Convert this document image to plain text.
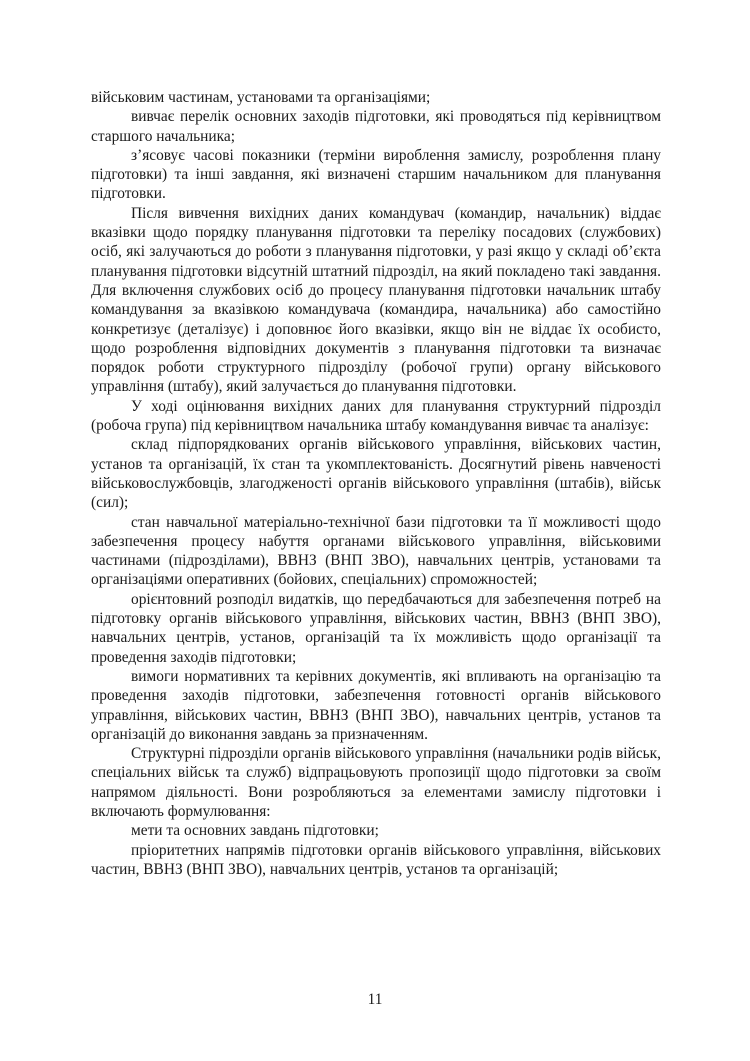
військовим частинам, установами та організаціями;

вивчає перелік основних заходів підготовки, які проводяться під керівництвом старшого начальника;

з’ясовує часові показники (терміни вироблення замислу, розроблення плану підготовки) та інші завдання, які визначені старшим начальником для планування підготовки.

Після вивчення вихідних даних командувач (командир, начальник) віддає вказівки щодо порядку планування підготовки та переліку посадових (службових) осіб, які залучаються до роботи з планування підготовки, у разі якщо у складі об’єкта планування підготовки відсутній штатний підрозділ, на який покладено такі завдання. Для включення службових осіб до процесу планування підготовки начальник штабу командування за вказівкою командувача (командира, начальника) або самостійно конкретизує (деталізує) і доповнює його вказівки, якщо він не віддає їх особисто, щодо розроблення відповідних документів з планування підготовки та визначає порядок роботи структурного підрозділу (робочої групи) органу військового управління (штабу), який залучається до планування підготовки.

У ході оцінювання вихідних даних для планування структурний підрозділ (робоча група) під керівництвом начальника штабу командування вивчає та аналізує:

склад підпорядкованих органів військового управління, військових частин, установ та організацій, їх стан та укомплектованість. Досягнутий рівень навченості військовослужбовців, злагодженості органів військового управління (штабів), військ (сил);

стан навчальної матеріально-технічної бази підготовки та її можливості щодо забезпечення процесу набуття органами військового управління, військовими частинами (підрозділами), ВВНЗ (ВНП ЗВО), навчальних центрів, установами та організаціями оперативних (бойових, спеціальних) спроможностей;

орієнтовний розподіл видатків, що передбачаються для забезпечення потреб на підготовку органів військового управління, військових частин, ВВНЗ (ВНП ЗВО), навчальних центрів, установ, організацій та їх можливість щодо організації та проведення заходів підготовки;

вимоги нормативних та керівних документів, які впливають на організацію та проведення заходів підготовки, забезпечення готовності органів військового управління, військових частин, ВВНЗ (ВНП ЗВО), навчальних центрів, установ та організацій до виконання завдань за призначенням.

Структурні підрозділи органів військового управління (начальники родів військ, спеціальних військ та служб) відпрацьовують пропозиції щодо підготовки за своїм напрямом діяльності. Вони розробляються за елементами замислу підготовки і включають формулювання:

мети та основних завдань підготовки;

пріоритетних напрямів підготовки органів військового управління, військових частин, ВВНЗ (ВНП ЗВО), навчальних центрів, установ та організацій;

11
